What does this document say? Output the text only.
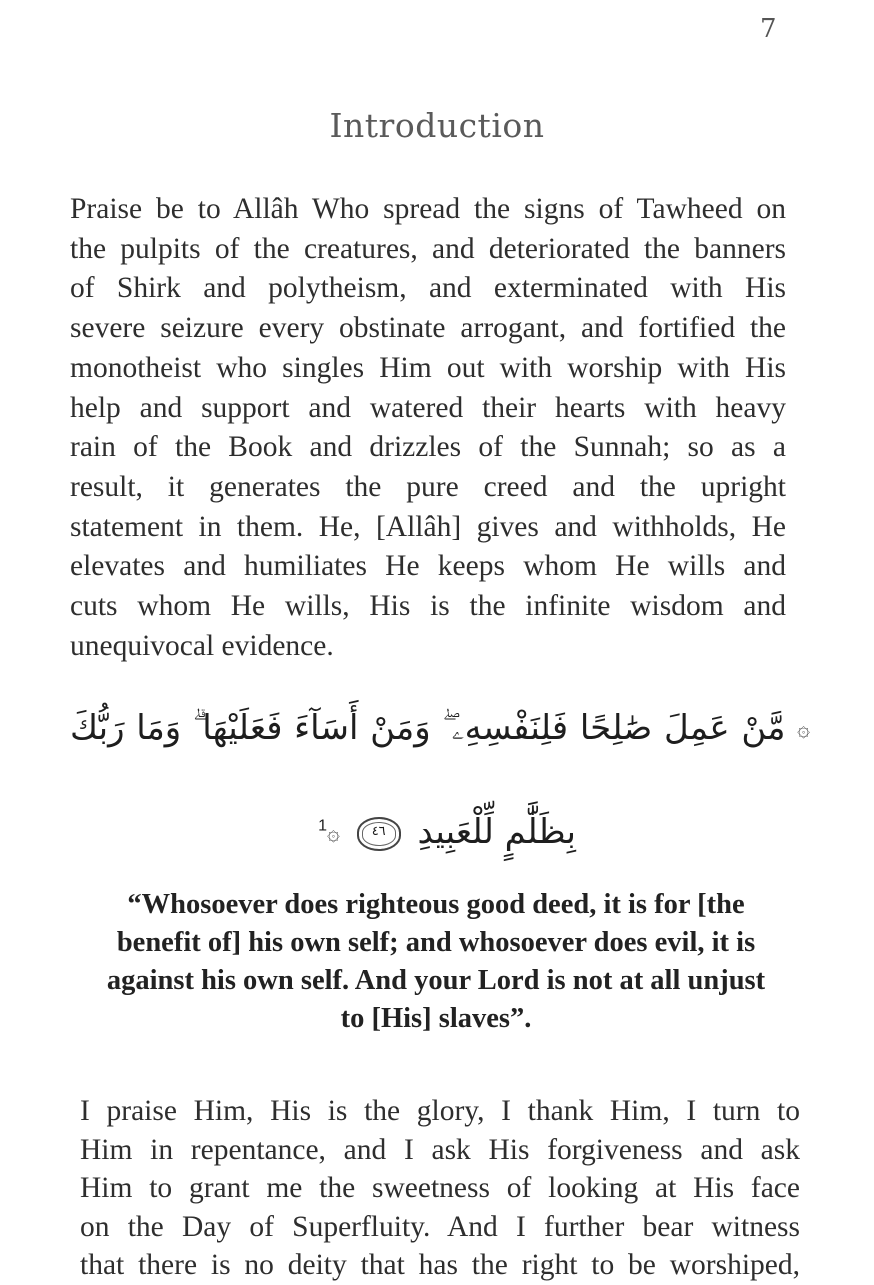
7
Introduction
Praise be to Allâh Who spread the signs of Tawheed on
the pulpits of the creatures, and deteriorated the banners
of Shirk and polytheism, and exterminated with His
severe seizure every obstinate arrogant, and fortified the
monotheist who singles Him out with worship with His
help and support and watered their hearts with heavy
rain of the Book and drizzles of the Sunnah; so as a
result, it generates the pure creed and the upright
statement in them. He, [Allâh] gives and withholds, He
elevates and humiliates He keeps whom He wills and
cuts whom He wills, His is the infinite wisdom and
unequivocal evidence.
۞ مَّنْ عَمِلَ صَٰلِحًا فَلِنَفْسِهِۦ ۖ وَمَنْ أَسَآءَ فَعَلَيْهَا ۗ وَمَا رَبُّكَ
بِظَلَّٰمٍ لِّلْعَبِيدِ ٤٦ ۞$^1$
“Whosoever does righteous good deed, it is for [the
benefit of] his own self; and whosoever does evil, it is
against his own self. And your Lord is not at all unjust
to [His] slaves”.
I praise Him, His is the glory, I thank Him, I turn to
Him in repentance, and I ask His forgiveness and ask
Him to grant me the sweetness of looking at His face
on the Day of Superfluity. And I further bear witness
that there is no deity that has the right to be worshiped,
